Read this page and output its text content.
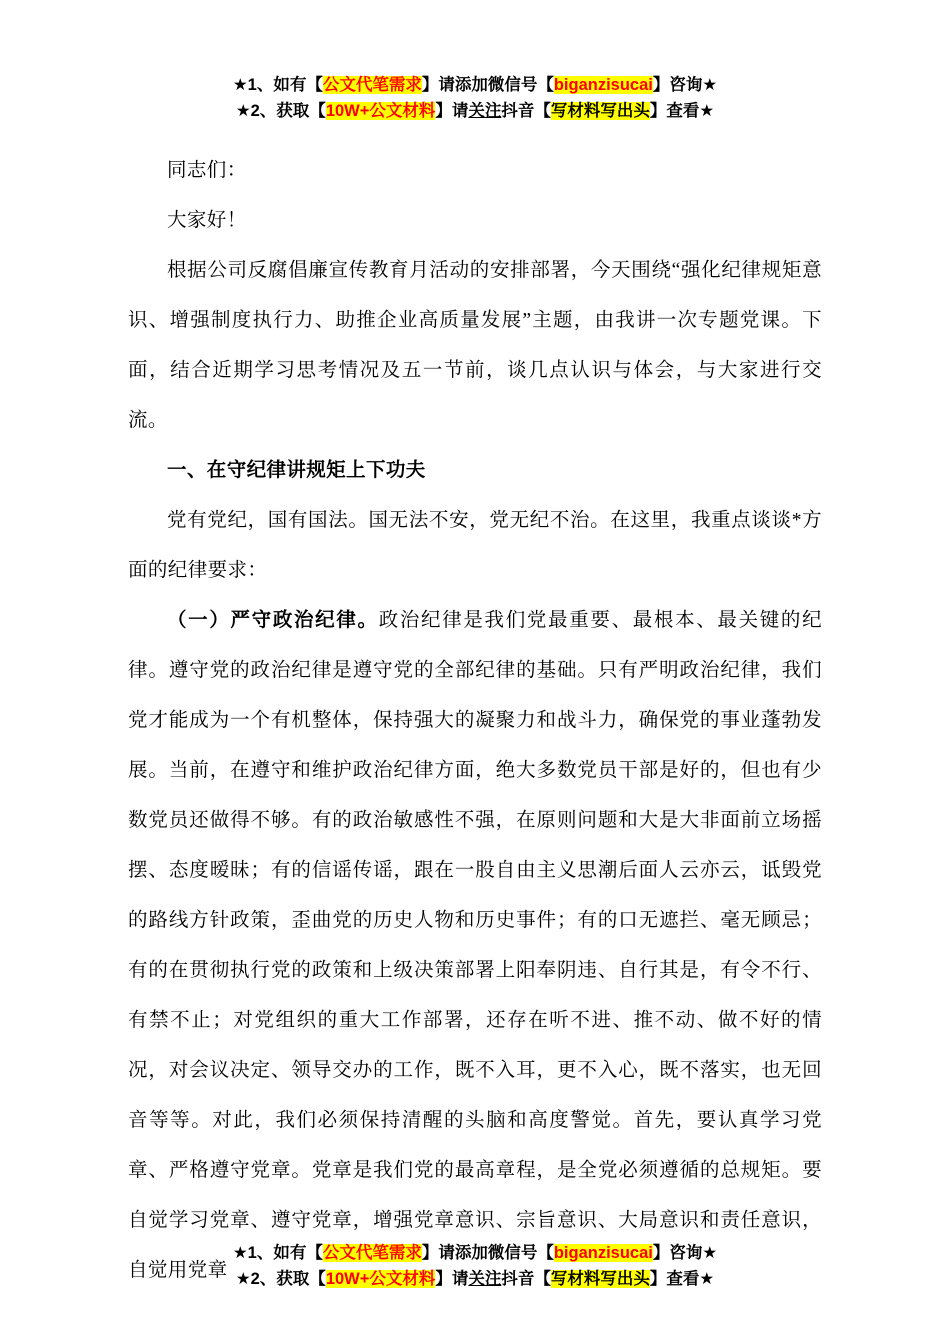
★1、如有【公文代笔需求】请添加微信号【biganzisucai】咨询★
★2、获取【10W+公文材料】请关注抖音【写材料写出头】查看★

同志们：

大家好！

根据公司反腐倡廉宣传教育月活动的安排部署，今天围绕“强化纪律规矩意识、增强制度执行力、助推企业高质量发展”主题，由我讲一次专题党课。下面，结合近期学习思考情况及五一节前，谈几点认识与体会，与大家进行交流。

一、在守纪律讲规矩上下功夫

党有党纪，国有国法。国无法不安，党无纪不治。在这里，我重点谈谈*方面的纪律要求：

（一）严守政治纪律。政治纪律是我们党最重要、最根本、最关键的纪律。遵守党的政治纪律是遵守党的全部纪律的基础。只有严明政治纪律，我们党才能成为一个有机整体，保持强大的凝聚力和战斗力，确保党的事业蓬勃发展。当前，在遵守和维护政治纪律方面，绝大多数党员干部是好的，但也有少数党员还做得不够。有的政治敏感性不强，在原则问题和大是大非面前立场摇摆、态度暧昧；有的信谣传谣，跟在一股自由主义思潮后面人云亦云，诋毁党的路线方针政策，歪曲党的历史人物和历史事件；有的口无遮拦、毫无顾忌；有的在贯彻执行党的政策和上级决策部署上阳奉阴违、自行其是，有令不行、有禁不止；对党组织的重大工作部署，还存在听不进、推不动、做不好的情况，对会议决定、领导交办的工作，既不入耳，更不入心，既不落实，也无回音等等。对此，我们必须保持清醒的头脑和高度警觉。首先，要认真学习党章、严格遵守党章。党章是我们党的最高章程，是全党必须遵循的总规矩。要自觉学习党章、遵守党章，增强党章意识、宗旨意识、大局意识和责任意识，自觉用党章

★1、如有【公文代笔需求】请添加微信号【biganzisucai】咨询★
★2、获取【10W+公文材料】请关注抖音【写材料写出头】查看★
